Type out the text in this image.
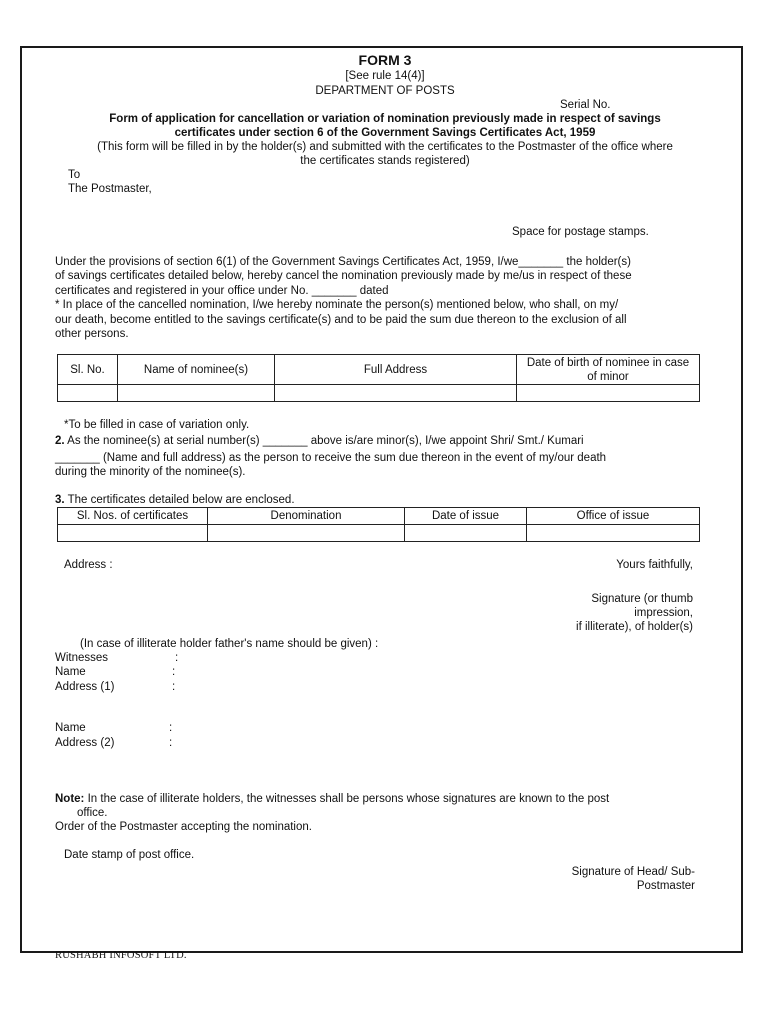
FORM 3
[See rule 14(4)]
DEPARTMENT OF POSTS
Serial No.
Form of application for cancellation or variation of nomination previously made in respect of savings
certificates under section 6 of the Government Savings Certificates Act, 1959
(This form will be filled in by the holder(s) and submitted with the certificates to the Postmaster of the office where
the certificates stands registered)
To
The Postmaster,
Space for postage stamps.
Under the provisions of section 6(1) of the Government Savings Certificates Act, 1959, I/we_______ the holder(s)
of savings certificates detailed below, hereby cancel the nomination previously made by me/us in respect of these
certificates and registered in your office under No. _______ dated
* In place of the cancelled nomination, I/we hereby nominate the person(s) mentioned below, who shall, on my/
our death, become entitled to the savings certificate(s) and to be paid the sum due thereon to the exclusion of all
other persons.
Sl. No.	Name of nominee(s)	Full Address	Date of birth of nominee in case of minor

*To be filled in case of variation only.
2. As the nominee(s) at serial number(s) _______ above is/are minor(s), I/we appoint Shri/ Smt./ Kumari
_______ (Name and full address) as the person to receive the sum due thereon in the event of my/our death
during the minority of the nominee(s).
3. The certificates detailed below are enclosed.
Sl. Nos. of certificates	Denomination	Date of issue	Office of issue

Address :	Yours faithfully,
Signature (or thumb
impression,
if illiterate), of holder(s)
(In case of illiterate holder father's name should be given) :
Witnesses	:
Name	:
Address (1)	:
Name	:
Address (2)	:
Note: In the case of illiterate holders, the witnesses shall be persons whose signatures are known to the post
office.
Order of the Postmaster accepting the nomination.
Date stamp of post office.
Signature of Head/ Sub-
Postmaster
RUSHABH INFOSOFT LTD.
